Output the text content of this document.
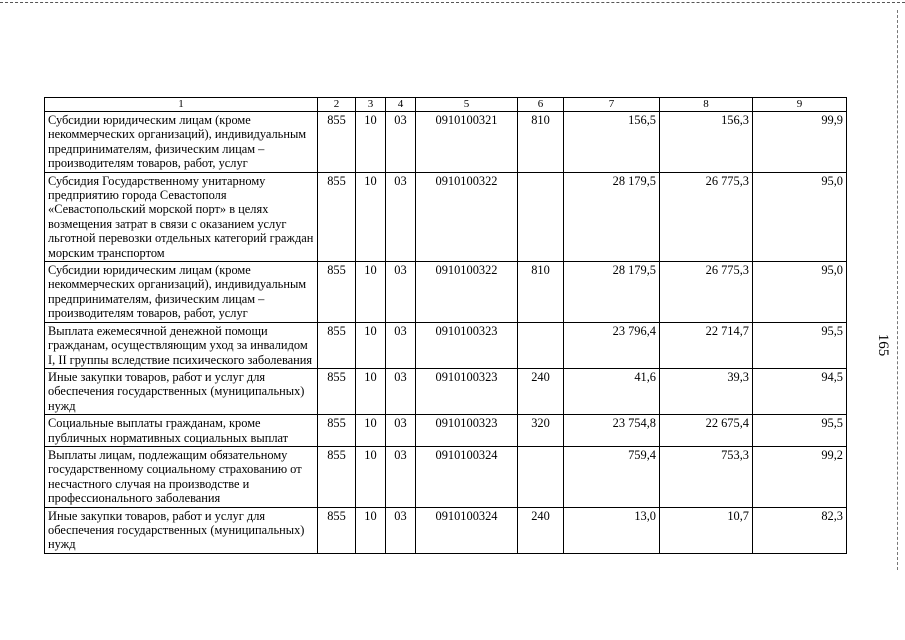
165
1	2	3	4	5	6	7	8	9
Субсидии юридическим лицам (кроме некоммерческих организаций), индивидуальным предпринимателям, физическим лицам – производителям товаров, работ, услуг	855	10	03	0910100321	810	156,5	156,3	99,9
Субсидия Государственному унитарному предприятию города Севастополя «Севастопольский морской порт» в целях возмещения затрат в связи с оказанием услуг льготной перевозки отдельных категорий граждан морским транспортом	855	10	03	0910100322		28 179,5	26 775,3	95,0
Субсидии юридическим лицам (кроме некоммерческих организаций), индивидуальным предпринимателям, физическим лицам – производителям товаров, работ, услуг	855	10	03	0910100322	810	28 179,5	26 775,3	95,0
Выплата ежемесячной денежной помощи гражданам, осуществляющим уход за инвалидом I, II группы вследствие психического заболевания	855	10	03	0910100323		23 796,4	22 714,7	95,5
Иные закупки товаров, работ и услуг для обеспечения государственных (муниципальных) нужд	855	10	03	0910100323	240	41,6	39,3	94,5
Социальные выплаты гражданам, кроме публичных нормативных социальных выплат	855	10	03	0910100323	320	23 754,8	22 675,4	95,5
Выплаты лицам, подлежащим обязательному государственному социальному страхованию от несчастного случая на производстве и профессионального заболевания	855	10	03	0910100324		759,4	753,3	99,2
Иные закупки товаров, работ и услуг для обеспечения государственных (муниципальных) нужд	855	10	03	0910100324	240	13,0	10,7	82,3
